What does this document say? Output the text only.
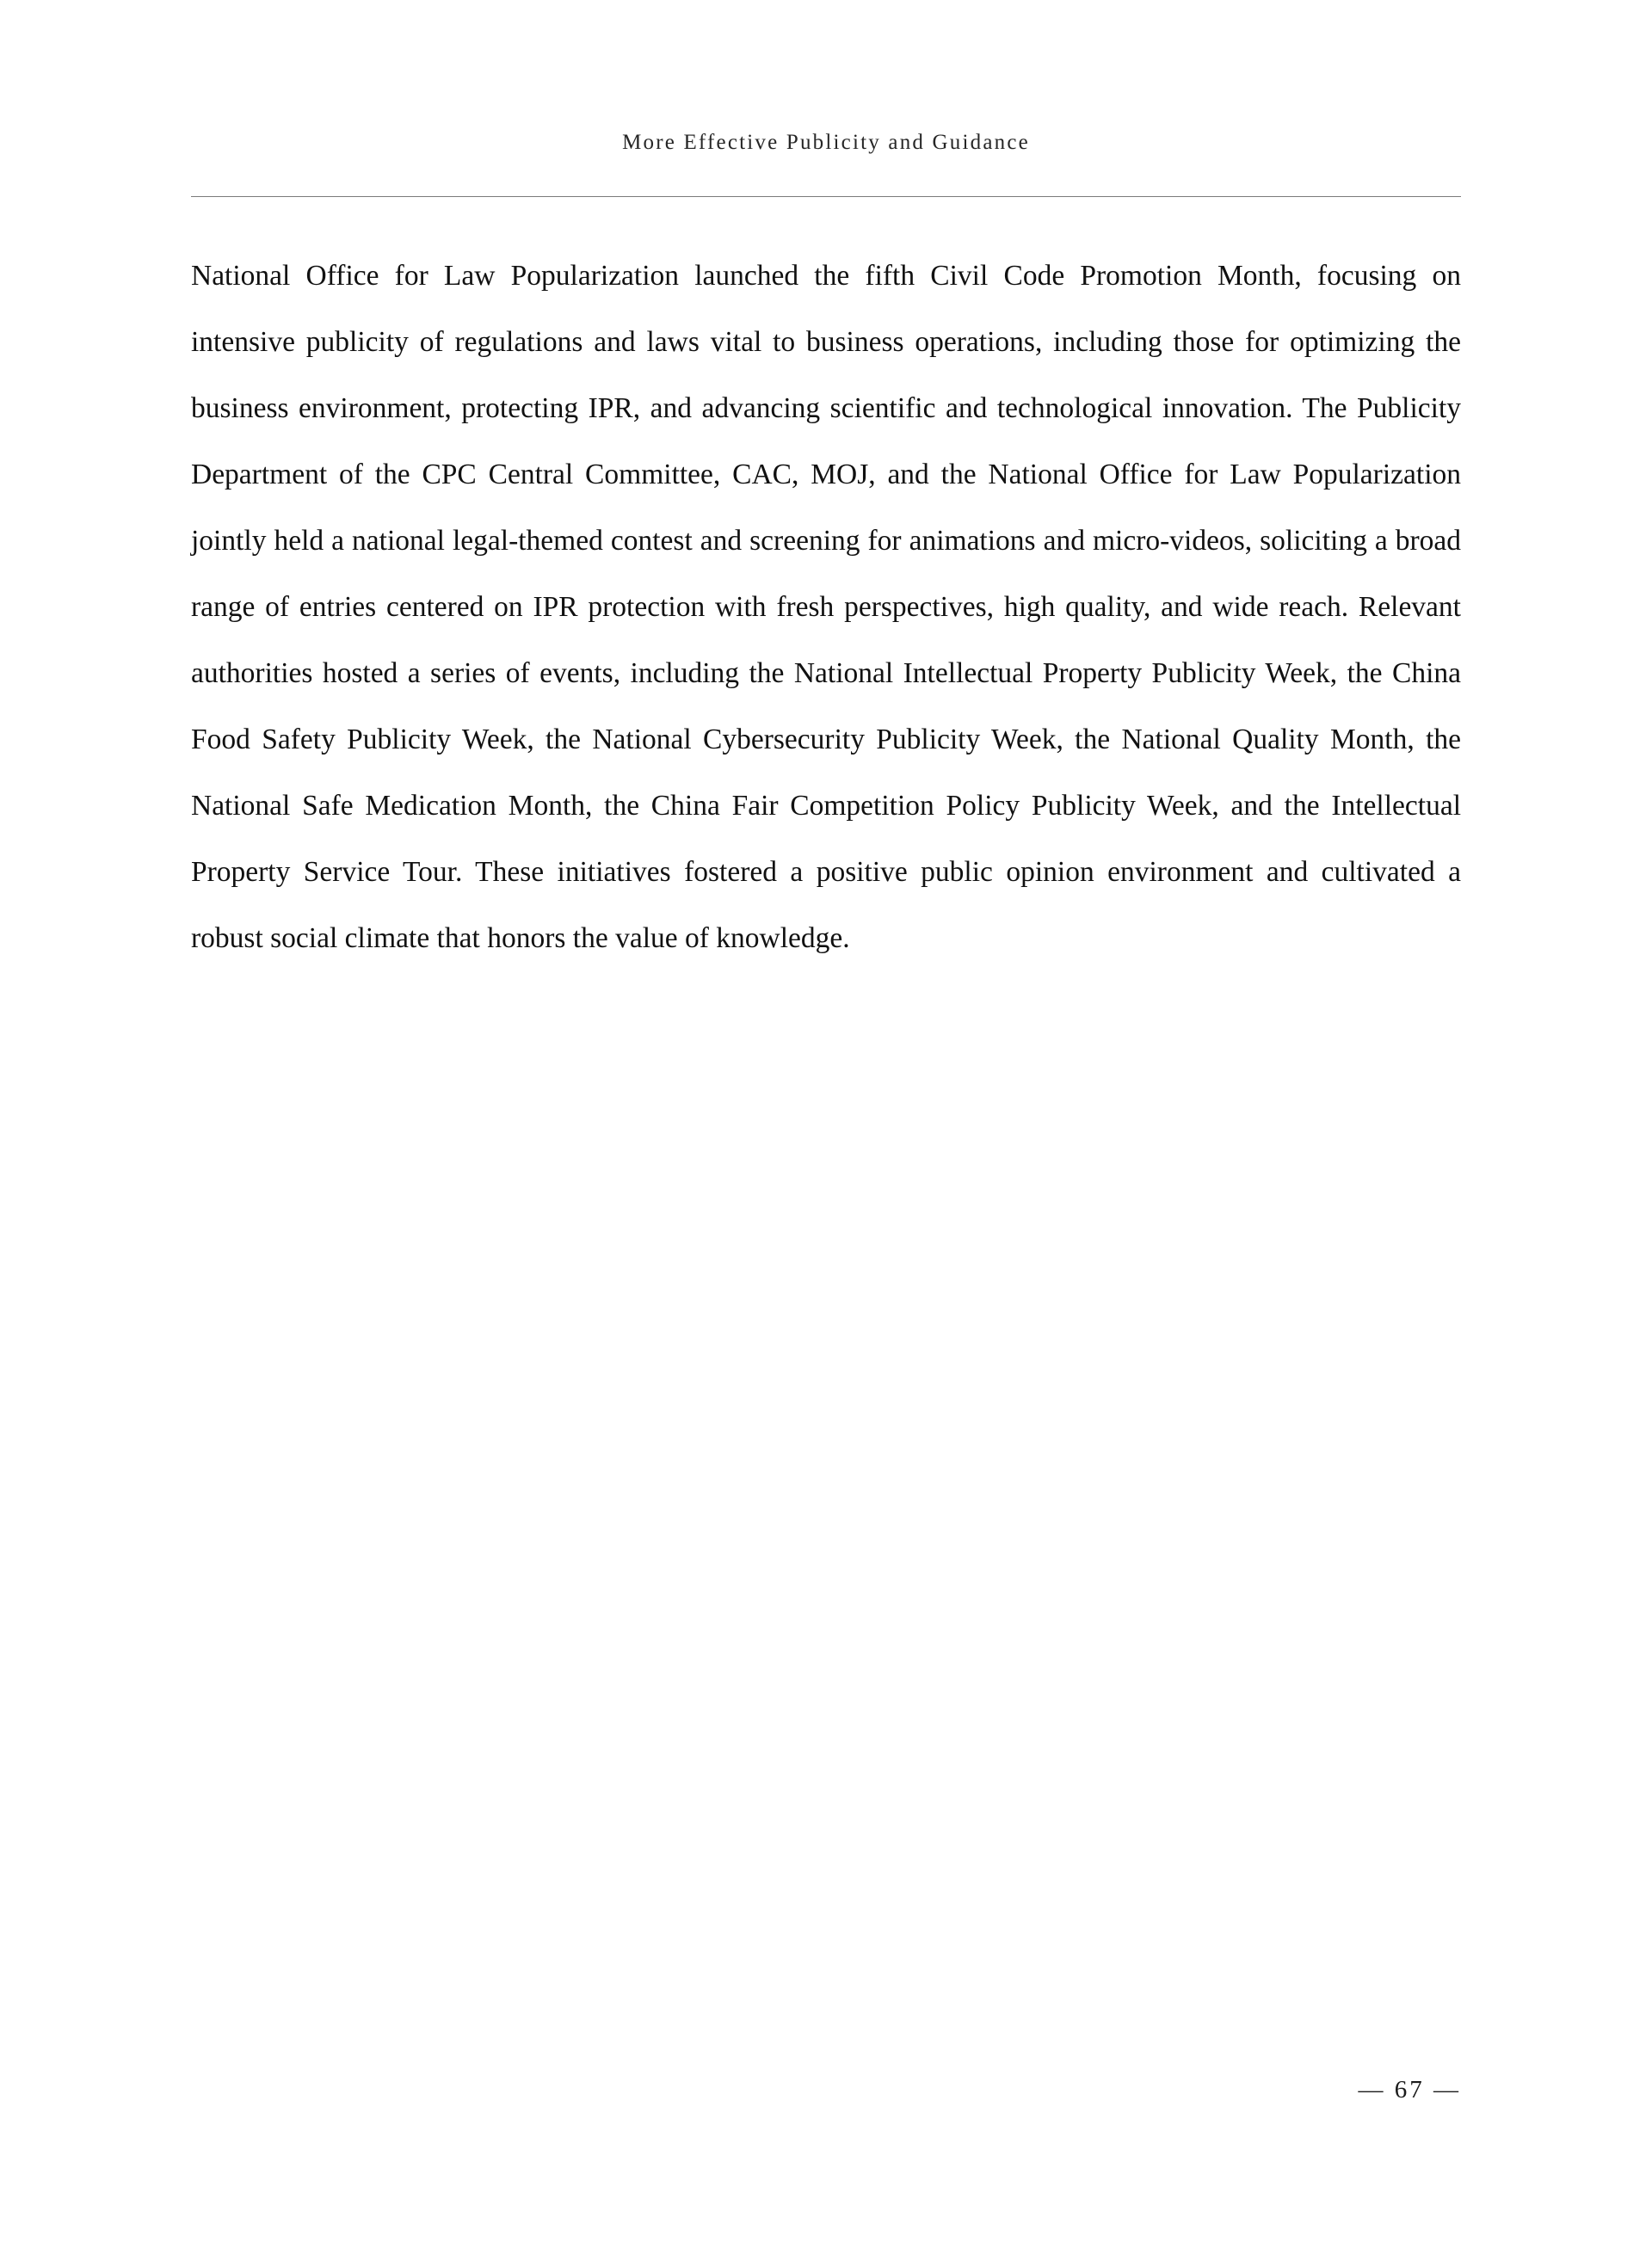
More Effective Publicity and Guidance

National Office for Law Popularization launched the fifth Civil Code Promotion Month, focusing on intensive publicity of regulations and laws vital to business operations, including those for optimizing the business environment, protecting IPR, and advancing scientific and technological innovation. The Publicity Department of the CPC Central Committee, CAC, MOJ, and the National Office for Law Popularization jointly held a national legal-themed contest and screening for animations and micro-videos, soliciting a broad range of entries centered on IPR protection with fresh perspectives, high quality, and wide reach. Relevant authorities hosted a series of events, including the National Intellectual Property Publicity Week, the China Food Safety Publicity Week, the National Cybersecurity Publicity Week, the National Quality Month, the National Safe Medication Month, the China Fair Competition Policy Publicity Week, and the Intellectual Property Service Tour. These initiatives fostered a positive public opinion environment and cultivated a robust social climate that honors the value of knowledge.

— 67 —
